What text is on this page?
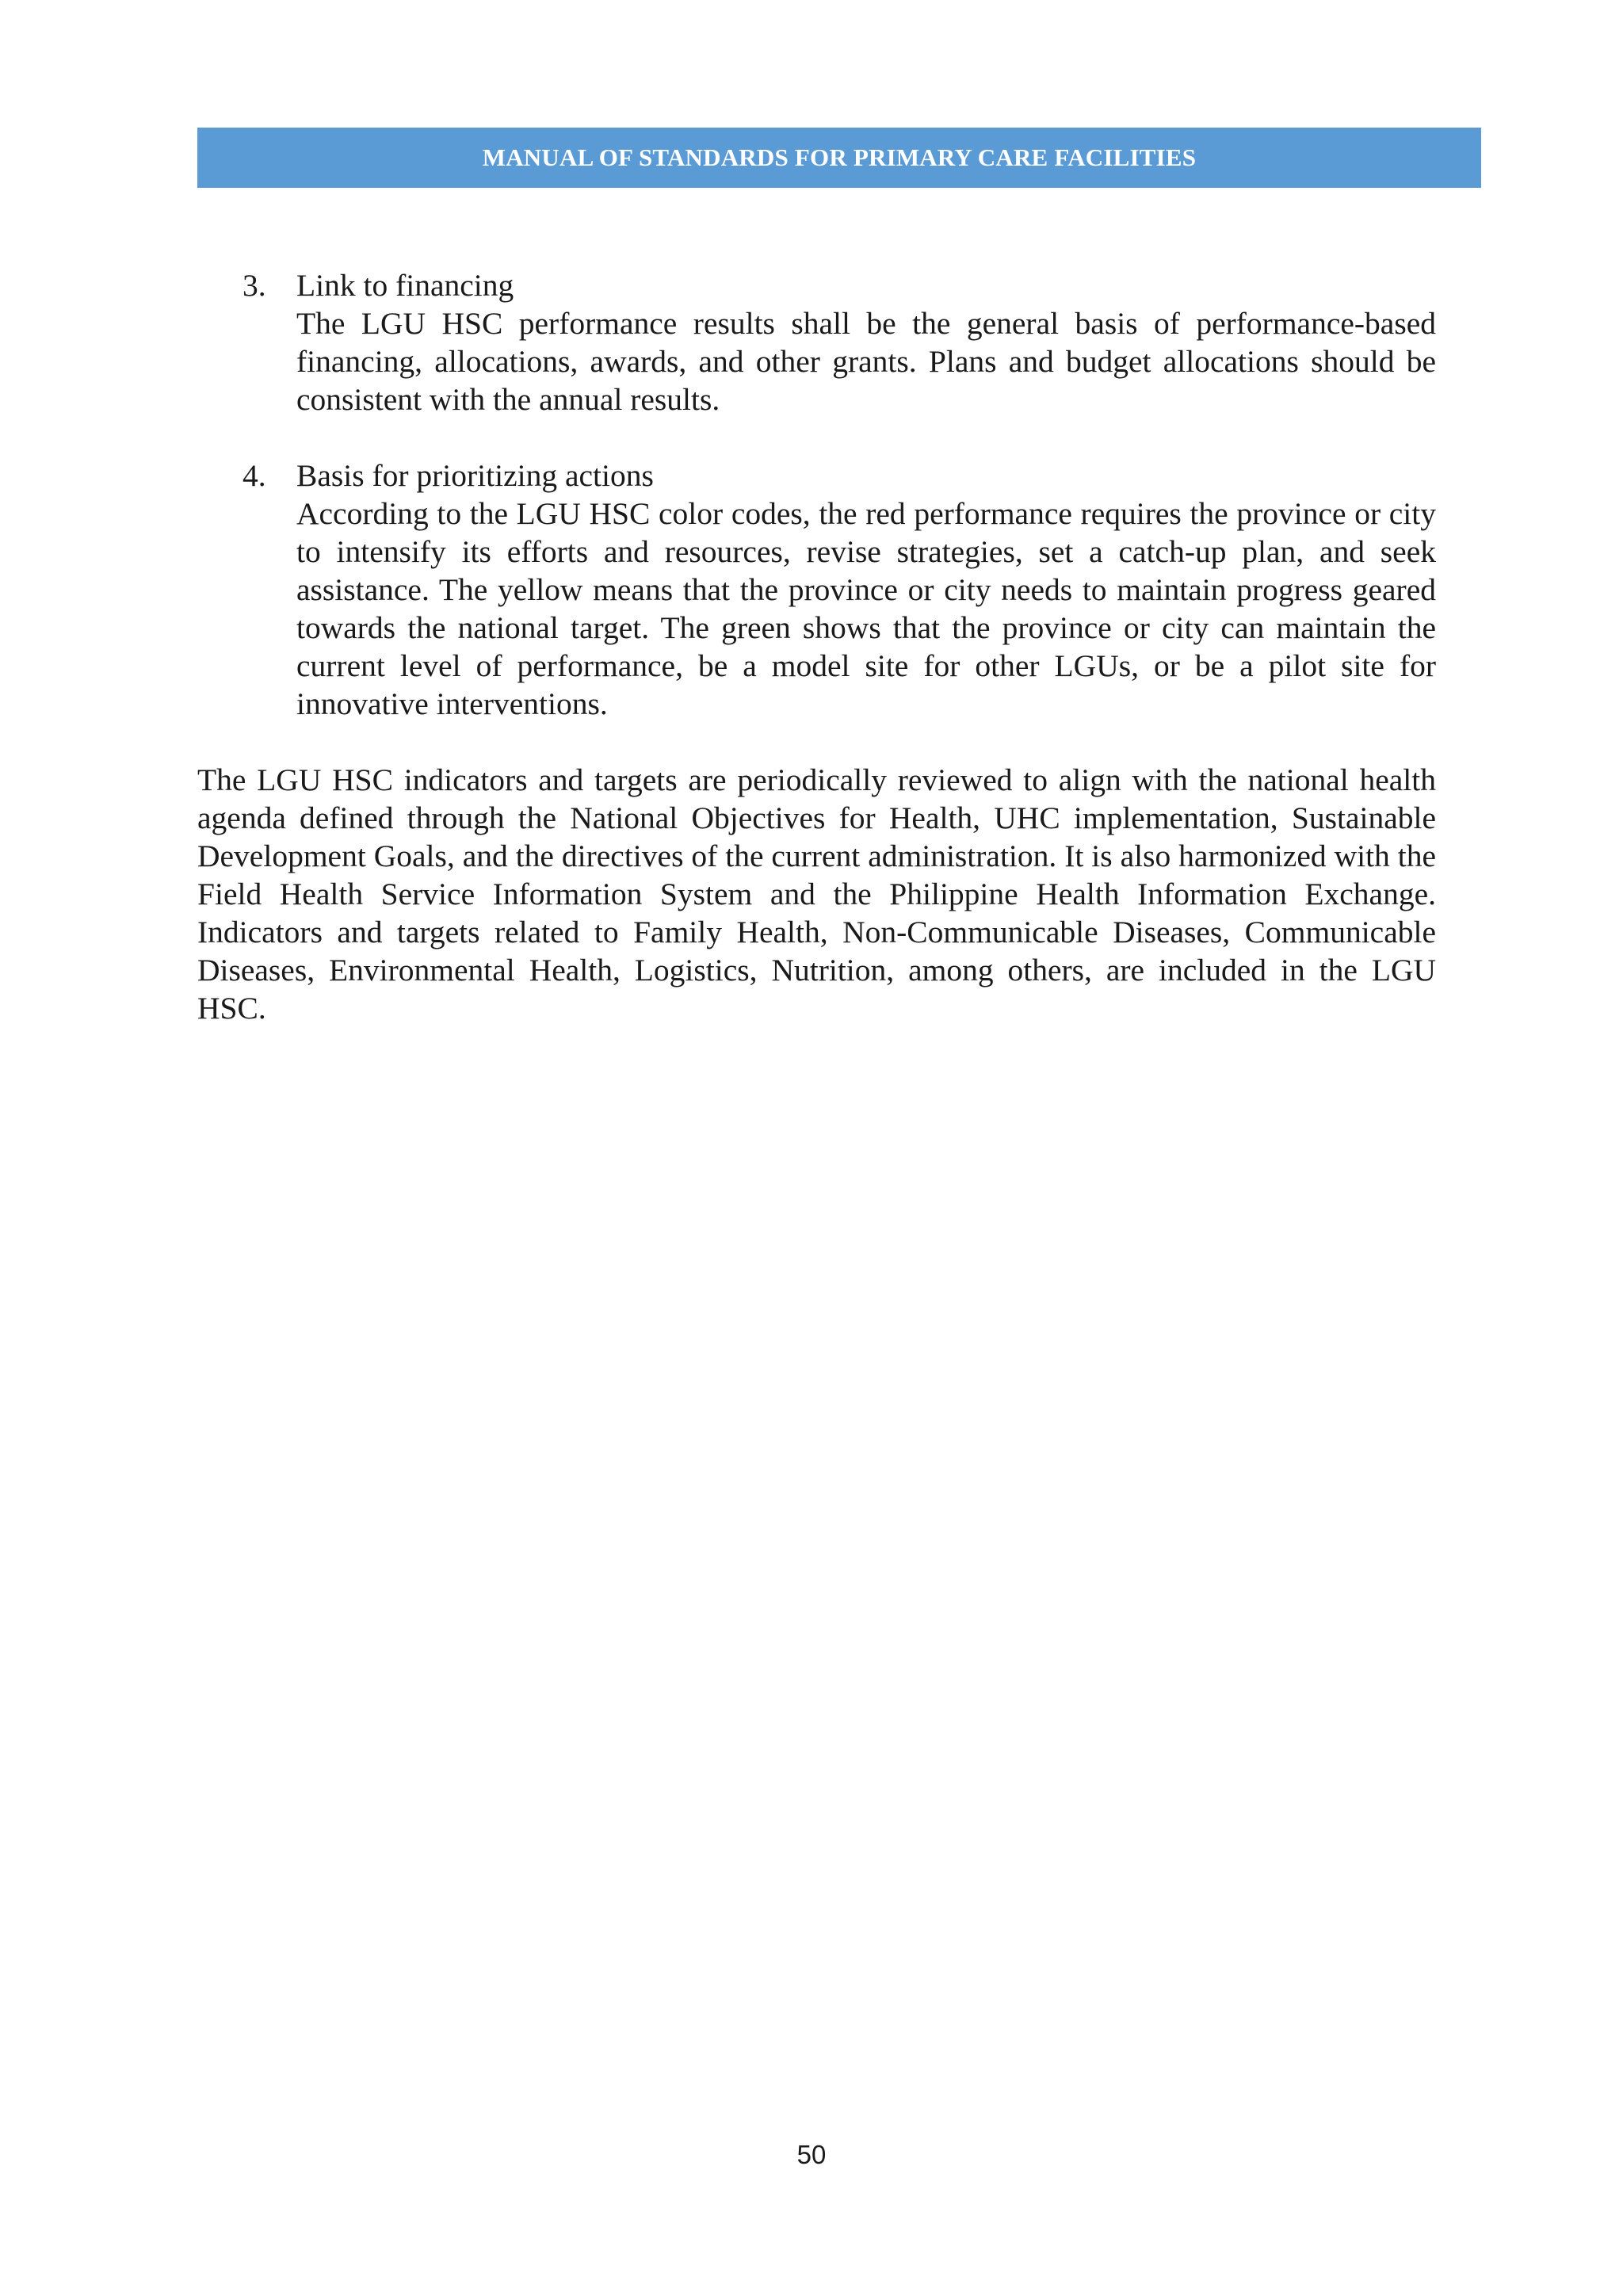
MANUAL OF STANDARDS FOR PRIMARY CARE FACILITIES
3. Link to financing
The LGU HSC performance results shall be the general basis of performance-based financing, allocations, awards, and other grants. Plans and budget allocations should be consistent with the annual results.
4. Basis for prioritizing actions
According to the LGU HSC color codes, the red performance requires the province or city to intensify its efforts and resources, revise strategies, set a catch-up plan, and seek assistance. The yellow means that the province or city needs to maintain progress geared towards the national target. The green shows that the province or city can maintain the current level of performance, be a model site for other LGUs, or be a pilot site for innovative interventions.

The LGU HSC indicators and targets are periodically reviewed to align with the national health agenda defined through the National Objectives for Health, UHC implementation, Sustainable Development Goals, and the directives of the current administration. It is also harmonized with the Field Health Service Information System and the Philippine Health Information Exchange. Indicators and targets related to Family Health, Non-Communicable Diseases, Communicable Diseases, Environmental Health, Logistics, Nutrition, among others, are included in the LGU HSC.

50
